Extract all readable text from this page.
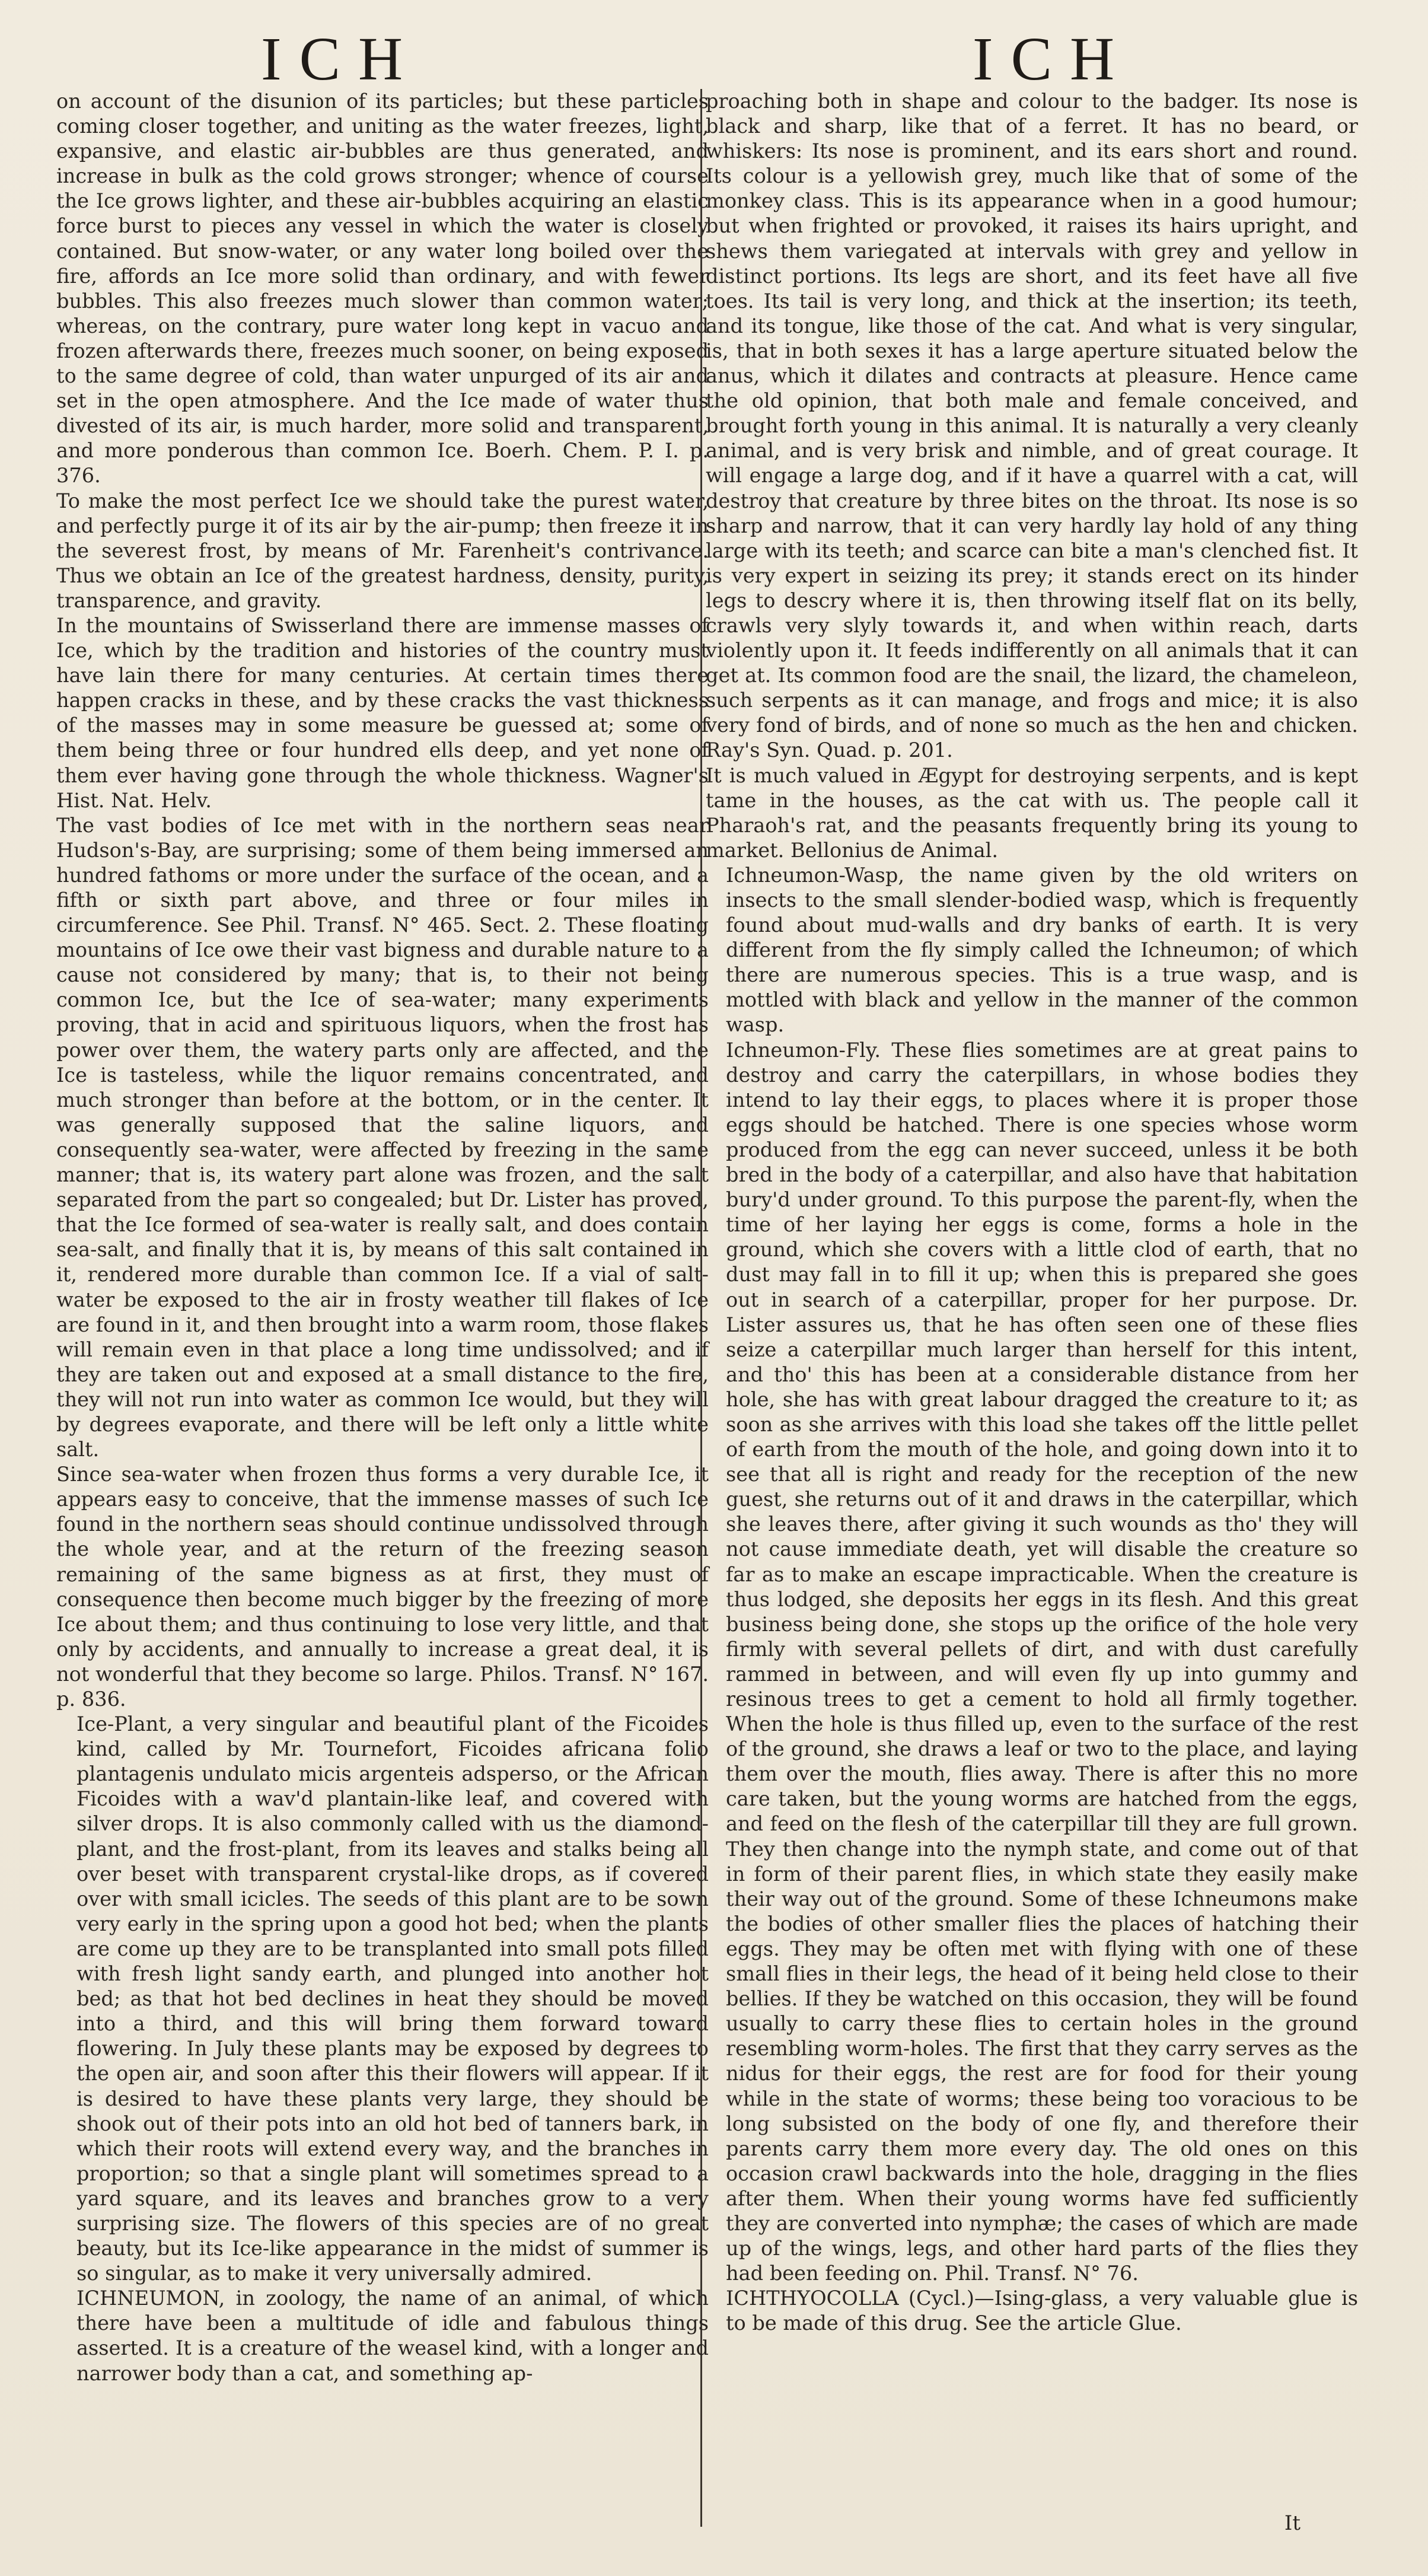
ICH	ICH

on account of the disunion of its particles; but these particles coming closer together, and uniting as the water freezes, light, expansive, and elastic air-bubbles are thus generated, and increase in bulk as the cold grows stronger; whence of course the Ice grows lighter, and these air-bubbles acquiring an elastic force burst to pieces any vessel in which the water is closely contained. But snow-water, or any water long boiled over the fire, affords an Ice more solid than ordinary, and with fewer bubbles. This also freezes much slower than common water; whereas, on the contrary, pure water long kept in vacuo and frozen afterwards there, freezes much sooner, on being exposed to the same degree of cold, than water unpurged of its air and set in the open atmosphere. And the Ice made of water thus divested of its air, is much harder, more solid and transparent, and more ponderous than common Ice. Boerh. Chem. P. I. p. 376.

To make the most perfect Ice we should take the purest water, and perfectly purge it of its air by the air-pump; then freeze it in the severest frost, by means of Mr. Farenheit's contrivance. Thus we obtain an Ice of the greatest hardness, density, purity, transparence, and gravity.

In the mountains of Swisserland there are immense masses of Ice, which by the tradition and histories of the country must have lain there for many centuries. At certain times there happen cracks in these, and by these cracks the vast thickness of the masses may in some measure be guessed at; some of them being three or four hundred ells deep, and yet none of them ever having gone through the whole thickness. Wagner's Hist. Nat. Helv.

The vast bodies of Ice met with in the northern seas near Hudson's-Bay, are surprising; some of them being immersed an hundred fathoms or more under the surface of the ocean, and a fifth or sixth part above, and three or four miles in circumference. See Phil. Transf. N° 465. Sect. 2. These floating mountains of Ice owe their vast bigness and durable nature to a cause not considered by many; that is, to their not being common Ice, but the Ice of sea-water; many experiments proving, that in acid and spirituous liquors, when the frost has power over them, the watery parts only are affected, and the Ice is tasteless, while the liquor remains concentrated, and much stronger than before at the bottom, or in the center. It was generally supposed that the saline liquors, and consequently sea-water, were affected by freezing in the same manner; that is, its watery part alone was frozen, and the salt separated from the part so congealed; but Dr. Lister has proved, that the Ice formed of sea-water is really salt, and does contain sea-salt, and finally that it is, by means of this salt contained in it, rendered more durable than common Ice. If a vial of salt-water be exposed to the air in frosty weather till flakes of Ice are found in it, and then brought into a warm room, those flakes will remain even in that place a long time undissolved; and if they are taken out and exposed at a small distance to the fire, they will not run into water as common Ice would, but they will by degrees evaporate, and there will be left only a little white salt.

Since sea-water when frozen thus forms a very durable Ice, it appears easy to conceive, that the immense masses of such Ice found in the northern seas should continue undissolved through the whole year, and at the return of the freezing season remaining of the same bigness as at first, they must of consequence then become much bigger by the freezing of more Ice about them; and thus continuing to lose very little, and that only by accidents, and annually to increase a great deal, it is not wonderful that they become so large. Philos. Transf. N° 167. p. 836.

Ice-Plant, a very singular and beautiful plant of the Ficoides kind, called by Mr. Tournefort, Ficoides africana folio plantagenis undulato micis argenteis adsperso, or the African Ficoides with a wav'd plantain-like leaf, and covered with silver drops. It is also commonly called with us the diamond-plant, and the frost-plant, from its leaves and stalks being all over beset with transparent crystal-like drops, as if covered over with small icicles. The seeds of this plant are to be sown very early in the spring upon a good hot bed; when the plants are come up they are to be transplanted into small pots filled with fresh light sandy earth, and plunged into another hot bed; as that hot bed declines in heat they should be moved into a third, and this will bring them forward toward flowering. In July these plants may be exposed by degrees to the open air, and soon after this their flowers will appear. If it is desired to have these plants very large, they should be shook out of their pots into an old hot bed of tanners bark, in which their roots will extend every way, and the branches in proportion; so that a single plant will sometimes spread to a yard square, and its leaves and branches grow to a very surprising size. The flowers of this species are of no great beauty, but its Ice-like appearance in the midst of summer is so singular, as to make it very universally admired.

ICHNEUMON, in zoology, the name of an animal, of which there have been a multitude of idle and fabulous things asserted. It is a creature of the weasel kind, with a longer and narrower body than a cat, and something ap-

proaching both in shape and colour to the badger. Its nose is black and sharp, like that of a ferret. It has no beard, or whiskers: Its nose is prominent, and its ears short and round. Its colour is a yellowish grey, much like that of some of the monkey class. This is its appearance when in a good humour; but when frighted or provoked, it raises its hairs upright, and shews them variegated at intervals with grey and yellow in distinct portions. Its legs are short, and its feet have all five toes. Its tail is very long, and thick at the insertion; its teeth, and its tongue, like those of the cat. And what is very singular, is, that in both sexes it has a large aperture situated below the anus, which it dilates and contracts at pleasure. Hence came the old opinion, that both male and female conceived, and brought forth young in this animal. It is naturally a very cleanly animal, and is very brisk and nimble, and of great courage. It will engage a large dog, and if it have a quarrel with a cat, will destroy that creature by three bites on the throat. Its nose is so sharp and narrow, that it can very hardly lay hold of any thing large with its teeth; and scarce can bite a man's clenched fist. It is very expert in seizing its prey; it stands erect on its hinder legs to descry where it is, then throwing itself flat on its belly, crawls very slyly towards it, and when within reach, darts violently upon it. It feeds indifferently on all animals that it can get at. Its common food are the snail, the lizard, the chameleon, such serpents as it can manage, and frogs and mice; it is also very fond of birds, and of none so much as the hen and chicken. Ray's Syn. Quad. p. 201.

It is much valued in Ægypt for destroying serpents, and is kept tame in the houses, as the cat with us. The people call it Pharaoh's rat, and the peasants frequently bring its young to market. Bellonius de Animal.

Ichneumon-Wasp, the name given by the old writers on insects to the small slender-bodied wasp, which is frequently found about mud-walls and dry banks of earth. It is very different from the fly simply called the Ichneumon; of which there are numerous species. This is a true wasp, and is mottled with black and yellow in the manner of the common wasp.

Ichneumon-Fly. These flies sometimes are at great pains to destroy and carry the caterpillars, in whose bodies they intend to lay their eggs, to places where it is proper those eggs should be hatched. There is one species whose worm produced from the egg can never succeed, unless it be both bred in the body of a caterpillar, and also have that habitation bury'd under ground. To this purpose the parent-fly, when the time of her laying her eggs is come, forms a hole in the ground, which she covers with a little clod of earth, that no dust may fall in to fill it up; when this is prepared she goes out in search of a caterpillar, proper for her purpose. Dr. Lister assures us, that he has often seen one of these flies seize a caterpillar much larger than herself for this intent, and tho' this has been at a considerable distance from her hole, she has with great labour dragged the creature to it; as soon as she arrives with this load she takes off the little pellet of earth from the mouth of the hole, and going down into it to see that all is right and ready for the reception of the new guest, she returns out of it and draws in the caterpillar, which she leaves there, after giving it such wounds as tho' they will not cause immediate death, yet will disable the creature so far as to make an escape impracticable. When the creature is thus lodged, she deposits her eggs in its flesh. And this great business being done, she stops up the orifice of the hole very firmly with several pellets of dirt, and with dust carefully rammed in between, and will even fly up into gummy and resinous trees to get a cement to hold all firmly together. When the hole is thus filled up, even to the surface of the rest of the ground, she draws a leaf or two to the place, and laying them over the mouth, flies away. There is after this no more care taken, but the young worms are hatched from the eggs, and feed on the flesh of the caterpillar till they are full grown. They then change into the nymph state, and come out of that in form of their parent flies, in which state they easily make their way out of the ground. Some of these Ichneumons make the bodies of other smaller flies the places of hatching their eggs. They may be often met with flying with one of these small flies in their legs, the head of it being held close to their bellies. If they be watched on this occasion, they will be found usually to carry these flies to certain holes in the ground resembling worm-holes. The first that they carry serves as the nidus for their eggs, the rest are for food for their young while in the state of worms; these being too voracious to be long subsisted on the body of one fly, and therefore their parents carry them more every day. The old ones on this occasion crawl backwards into the hole, dragging in the flies after them. When their young worms have fed sufficiently they are converted into nymphæ; the cases of which are made up of the wings, legs, and other hard parts of the flies they had been feeding on. Phil. Transf. N° 76.

ICHTHYOCOLLA (Cycl.)—Ising-glass, a very valuable glue is to be made of this drug. See the article Glue.

It
